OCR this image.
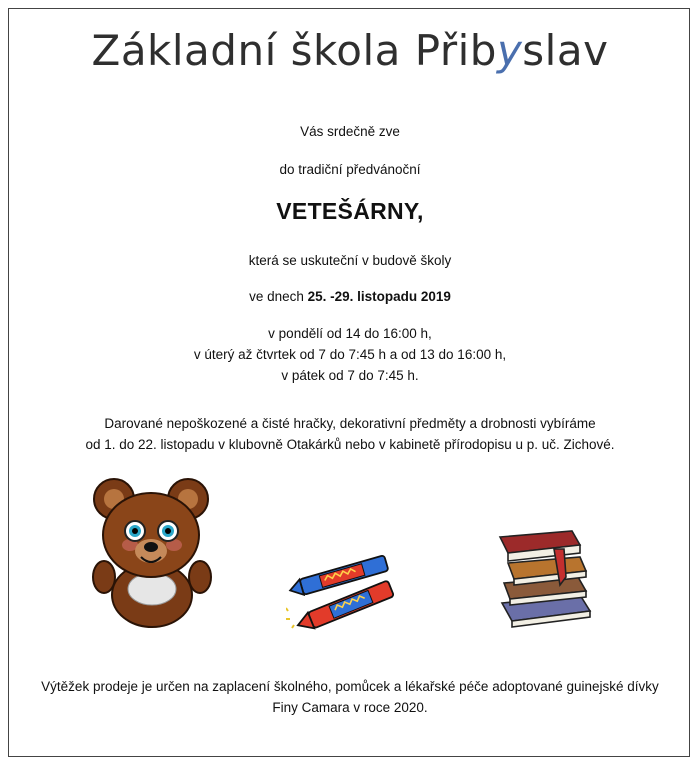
Základní škola Přibyslav
Vás srdečně zve
do tradiční předvánoční
VETEŠÁRNY,
která se uskuteční v budově školy
ve dnech 25. -29. listopadu 2019
v pondělí od 14 do 16:00 h,
v úterý až čtvrtek od 7 do 7:45 h a od 13 do 16:00 h,
v pátek od 7 do 7:45 h.
Darované nepoškozené a čisté hračky, dekorativní předměty a drobnosti vybíráme
od 1. do 22. listopadu v klubovně Otakárků nebo v kabinetě přírodopisu u p. uč. Zichové.
Výtěžek prodeje je určen na zaplacení školného, pomůcek a lékařské péče adoptované guinejské dívky
Finy Camara v roce 2020.
